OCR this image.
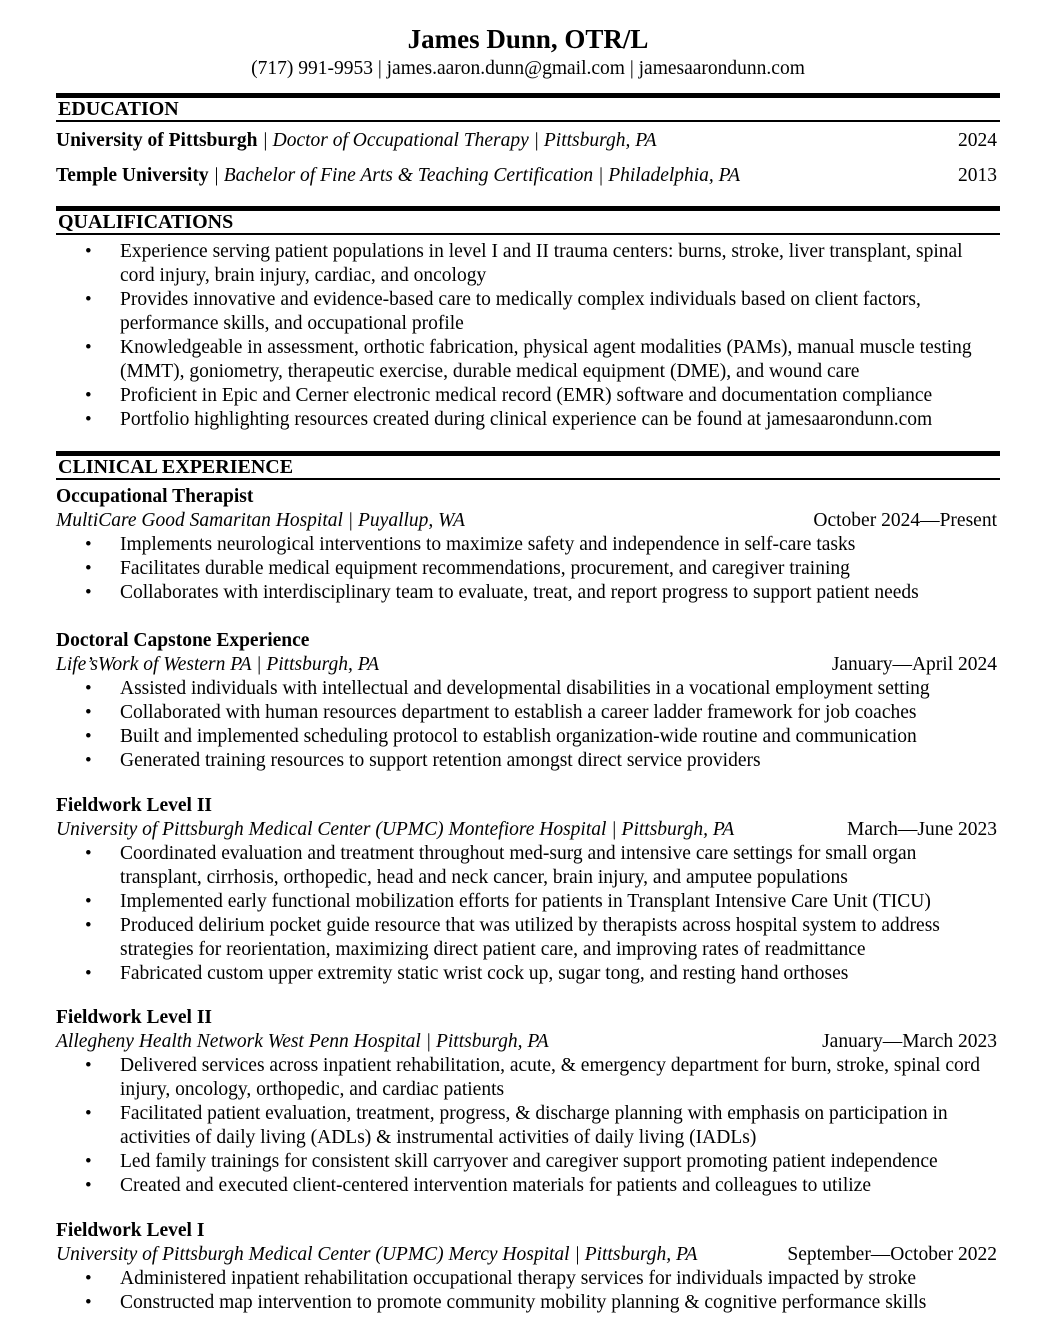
James Dunn, OTR/L
(717) 991-9953 | james.aaron.dunn@gmail.com | jamesaarondunn.com
EDUCATION
University of Pittsburgh | Doctor of Occupational Therapy | Pittsburgh, PA	2024
Temple University | Bachelor of Fine Arts & Teaching Certification | Philadelphia, PA	2013
QUALIFICATIONS
• Experience serving patient populations in level I and II trauma centers: burns, stroke, liver transplant, spinal cord injury, brain injury, cardiac, and oncology
• Provides innovative and evidence-based care to medically complex individuals based on client factors, performance skills, and occupational profile
• Knowledgeable in assessment, orthotic fabrication, physical agent modalities (PAMs), manual muscle testing (MMT), goniometry, therapeutic exercise, durable medical equipment (DME), and wound care
• Proficient in Epic and Cerner electronic medical record (EMR) software and documentation compliance
• Portfolio highlighting resources created during clinical experience can be found at jamesaarondunn.com
CLINICAL EXPERIENCE
Occupational Therapist
MultiCare Good Samaritan Hospital | Puyallup, WA	October 2024—Present
• Implements neurological interventions to maximize safety and independence in self-care tasks
• Facilitates durable medical equipment recommendations, procurement, and caregiver training
• Collaborates with interdisciplinary team to evaluate, treat, and report progress to support patient needs
Doctoral Capstone Experience
Life’sWork of Western PA | Pittsburgh, PA	January—April 2024
• Assisted individuals with intellectual and developmental disabilities in a vocational employment setting
• Collaborated with human resources department to establish a career ladder framework for job coaches
• Built and implemented scheduling protocol to establish organization-wide routine and communication
• Generated training resources to support retention amongst direct service providers
Fieldwork Level II
University of Pittsburgh Medical Center (UPMC) Montefiore Hospital | Pittsburgh, PA	March—June 2023
• Coordinated evaluation and treatment throughout med-surg and intensive care settings for small organ transplant, cirrhosis, orthopedic, head and neck cancer, brain injury, and amputee populations
• Implemented early functional mobilization efforts for patients in Transplant Intensive Care Unit (TICU)
• Produced delirium pocket guide resource that was utilized by therapists across hospital system to address strategies for reorientation, maximizing direct patient care, and improving rates of readmittance
• Fabricated custom upper extremity static wrist cock up, sugar tong, and resting hand orthoses
Fieldwork Level II
Allegheny Health Network West Penn Hospital | Pittsburgh, PA	January—March 2023
• Delivered services across inpatient rehabilitation, acute, & emergency department for burn, stroke, spinal cord injury, oncology, orthopedic, and cardiac patients
• Facilitated patient evaluation, treatment, progress, & discharge planning with emphasis on participation in activities of daily living (ADLs) & instrumental activities of daily living (IADLs)
• Led family trainings for consistent skill carryover and caregiver support promoting patient independence
• Created and executed client-centered intervention materials for patients and colleagues to utilize
Fieldwork Level I
University of Pittsburgh Medical Center (UPMC) Mercy Hospital | Pittsburgh, PA	September—October 2022
• Administered inpatient rehabilitation occupational therapy services for individuals impacted by stroke
• Constructed map intervention to promote community mobility planning & cognitive performance skills
